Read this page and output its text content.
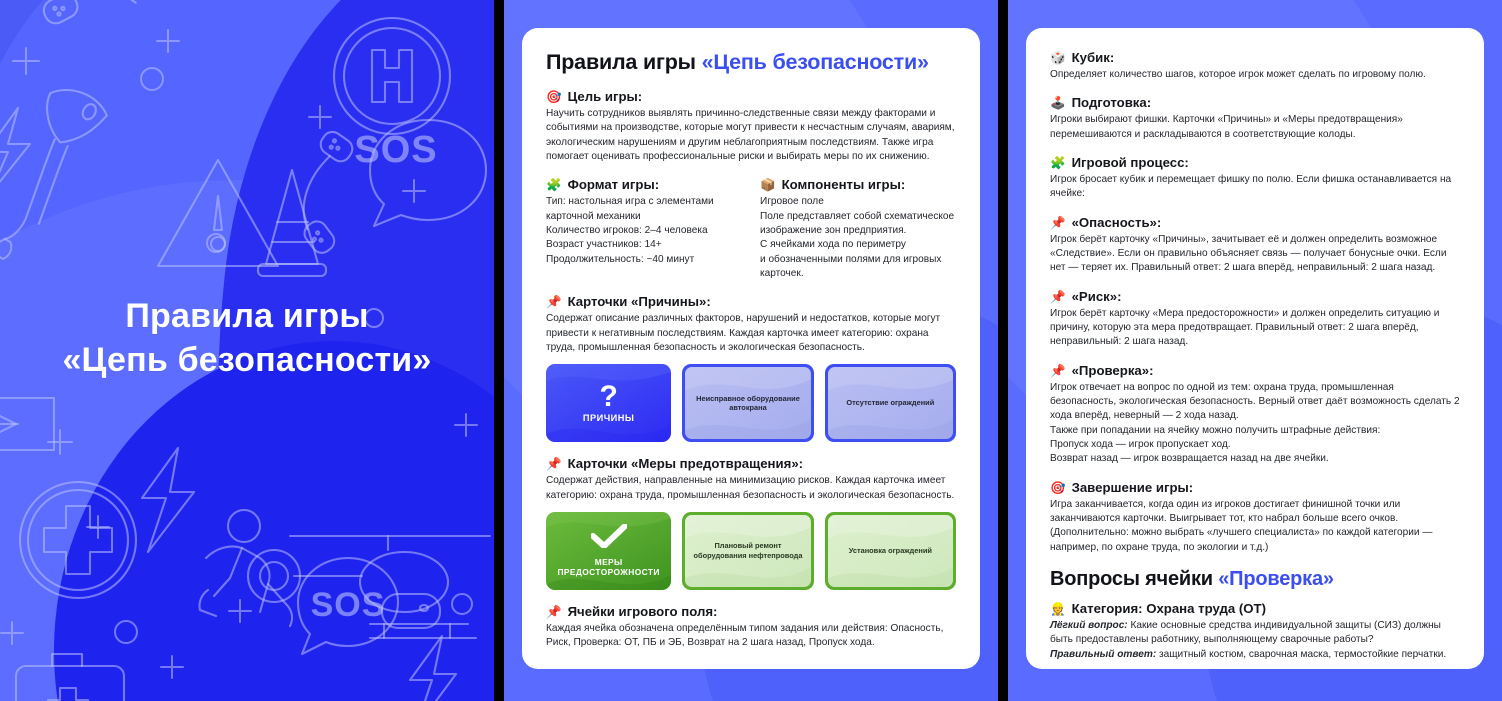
SOS
SOS
Правила игры
«Цепь безопасности»
Правила игры «Цепь безопасности»
🎯 Цель игры:

Научить сотрудников выявлять причинно-следственные связи между факторами и событиями на производстве, которые могут привести к несчастным случаям, авариям, экологическим нарушениям и другим неблагоприятным последствиям. Также игра помогает оценивать профессиональные риски и выбирать меры по их снижению.

🧩 Формат игры:

Тип: настольная игра с элементами карточной механики

Количество игроков: 2–4 человека

Возраст участников: 14+

Продолжительность: ~40 минут

📦 Компоненты игры:

Игровое поле

Поле представляет собой схематическое изображение зон предприятия.

С ячейками хода по периметру

и обозначенными полями для игровых карточек.

📌 Карточки «Причины»:

Содержат описание различных факторов, нарушений и недостатков, которые могут привести к негативным последствиям. Каждая карточка имеет категорию: охрана труда, промышленная безопасность и экологическая безопасность.

?
ПРИЧИНЫ
Неисправное оборудование автокрана
Отсутствие ограждений
📌 Карточки «Меры предотвращения»:

Содержат действия, направленные на минимизацию рисков. Каждая карточка имеет категорию: охрана труда, промышленная безопасность и экологическая безопасность.

МЕРЫ
ПРЕДОСТОРОЖНОСТИ
Плановый ремонт оборудования нефтепровода
Установка ограждений
📌 Ячейки игрового поля:

Каждая ячейка обозначена определённым типом задания или действия: Опасность, Риск, Проверка: ОТ, ПБ и ЭБ, Возврат на 2 шага назад, Пропуск хода.

🎲 Кубик:

Определяет количество шагов, которое игрок может сделать по игровому полю.

🕹️ Подготовка:

Игроки выбирают фишки. Карточки «Причины» и «Меры предотвращения» перемешиваются и раскладываются в соответствующие колоды.

🧩 Игровой процесс:

Игрок бросает кубик и перемещает фишку по полю. Если фишка останавливается на ячейке:

📌 «Опасность»:

Игрок берёт карточку «Причины», зачитывает её и должен определить возможное «Следствие». Если он правильно объясняет связь — получает бонусные очки. Если нет — теряет их. Правильный ответ: 2 шага вперёд, неправильный: 2 шага назад.

📌 «Риск»:

Игрок берёт карточку «Мера предосторожности» и должен определить ситуацию и причину, которую эта мера предотвращает. Правильный ответ: 2 шага вперёд, неправильный: 2 шага назад.

📌 «Проверка»:

Игрок отвечает на вопрос по одной из тем: охрана труда, промышленная безопасность, экологическая безопасность. Верный ответ даёт возможность сделать 2 хода вперёд, неверный — 2 хода назад.

Также при попадании на ячейку можно получить штрафные действия:

Пропуск хода — игрок пропускает ход.

Возврат назад — игрок возвращается назад на две ячейки.

🎯 Завершение игры:

Игра заканчивается, когда один из игроков достигает финишной точки или заканчиваются карточки. Выигрывает тот, кто набрал больше всего очков. (Дополнительно: можно выбрать «лучшего специалиста» по каждой категории — например, по охране труда, по экологии и т.д.)

Вопросы ячейки «Проверка»
👷 Категория: Охрана труда (ОТ)

Лёгкий вопрос: Какие основные средства индивидуальной защиты (СИЗ) должны быть предоставлены работнику, выполняющему сварочные работы?

Правильный ответ: защитный костюм, сварочная маска, термостойкие перчатки.
